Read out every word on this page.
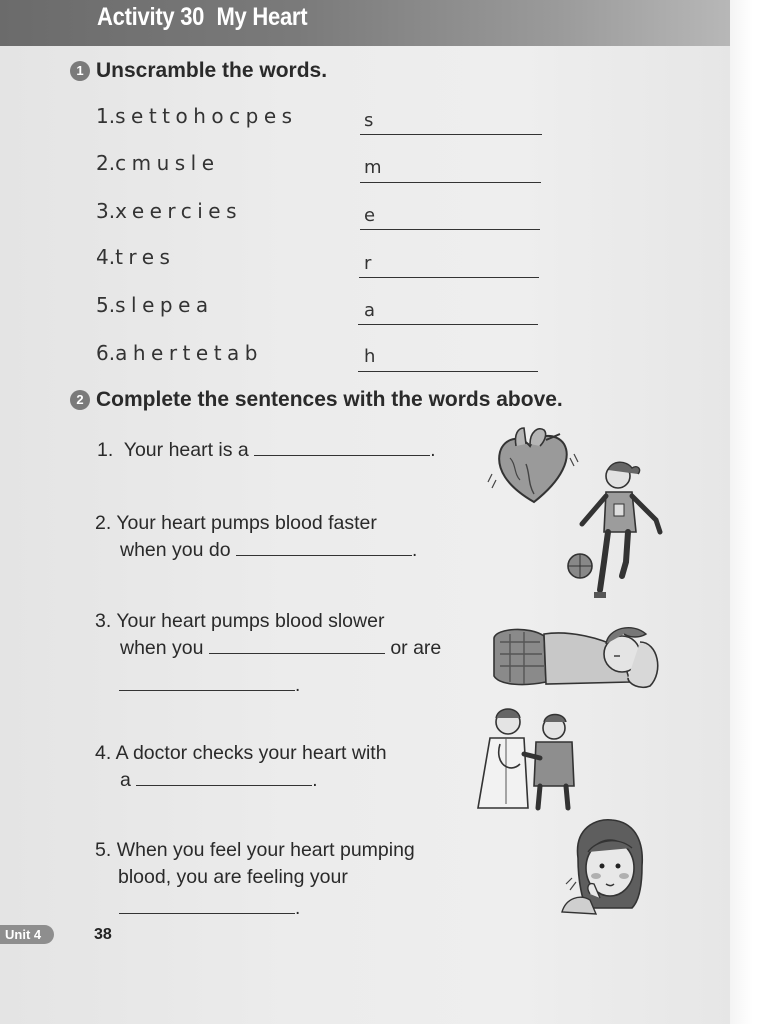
Activity 30 My Heart
1 Unscramble the words.
1.settohocpes	s
2.cmusle	m
3.xeercies	e
4.tres	r
5.slepea	a
6.ahertetab	h
2 Complete the sentences with the words above.
1. Your heart is a	.
2. Your heart pumps blood faster
when you do	.
3. Your heart pumps blood slower
when you	or are
.
4. A doctor checks your heart with
a	.
5. When you feel your heart pumping
blood, you are feeling your
.
Unit 4	38
